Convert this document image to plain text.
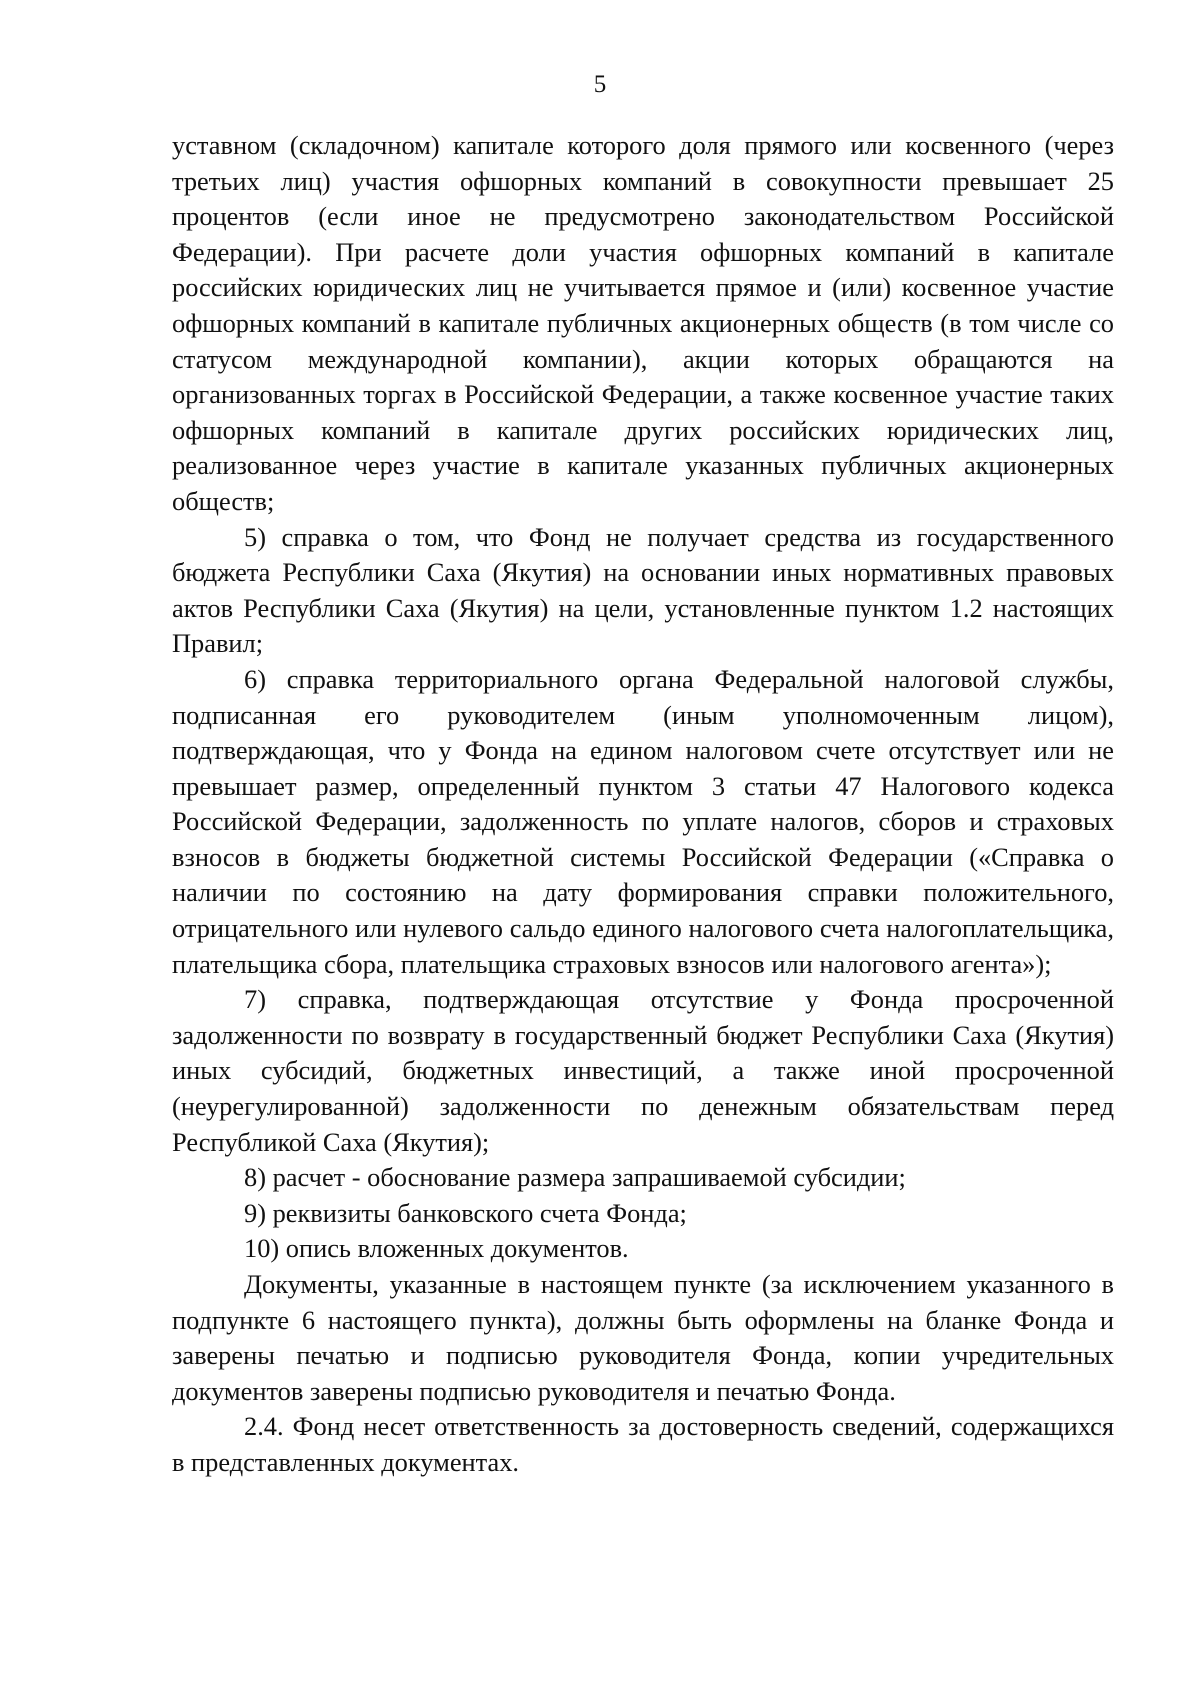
5

уставном (складочном) капитале которого доля прямого или косвенного (через третьих лиц) участия офшорных компаний в совокупности превышает 25 процентов (если иное не предусмотрено законодательством Российской Федерации). При расчете доли участия офшорных компаний в капитале российских юридических лиц не учитывается прямое и (или) косвенное участие офшорных компаний в капитале публичных акционерных обществ (в том числе со статусом международной компании), акции которых обращаются на организованных торгах в Российской Федерации, а также косвенное участие таких офшорных компаний в капитале других российских юридических лиц, реализованное через участие в капитале указанных публичных акционерных обществ;

5) справка о том, что Фонд не получает средства из государственного бюджета Республики Саха (Якутия) на основании иных нормативных правовых актов Республики Саха (Якутия) на цели, установленные пунктом 1.2 настоящих Правил;

6) справка территориального органа Федеральной налоговой службы, подписанная его руководителем (иным уполномоченным лицом), подтверждающая, что у Фонда на едином налоговом счете отсутствует или не превышает размер, определенный пунктом 3 статьи 47 Налогового кодекса Российской Федерации, задолженность по уплате налогов, сборов и страховых взносов в бюджеты бюджетной системы Российской Федерации («Справка о наличии по состоянию на дату формирования справки положительного, отрицательного или нулевого сальдо единого налогового счета налогоплательщика, плательщика сбора, плательщика страховых взносов или налогового агента»);

7) справка, подтверждающая отсутствие у Фонда просроченной задолженности по возврату в государственный бюджет Республики Саха (Якутия) иных субсидий, бюджетных инвестиций, а также иной просроченной (неурегулированной) задолженности по денежным обязательствам перед Республикой Саха (Якутия);

8) расчет - обоснование размера запрашиваемой субсидии;

9) реквизиты банковского счета Фонда;

10) опись вложенных документов.

Документы, указанные в настоящем пункте (за исключением указанного в подпункте 6 настоящего пункта), должны быть оформлены на бланке Фонда и заверены печатью и подписью руководителя Фонда, копии учредительных документов заверены подписью руководителя и печатью Фонда.

2.4. Фонд несет ответственность за достоверность сведений, содержащихся в представленных документах.
